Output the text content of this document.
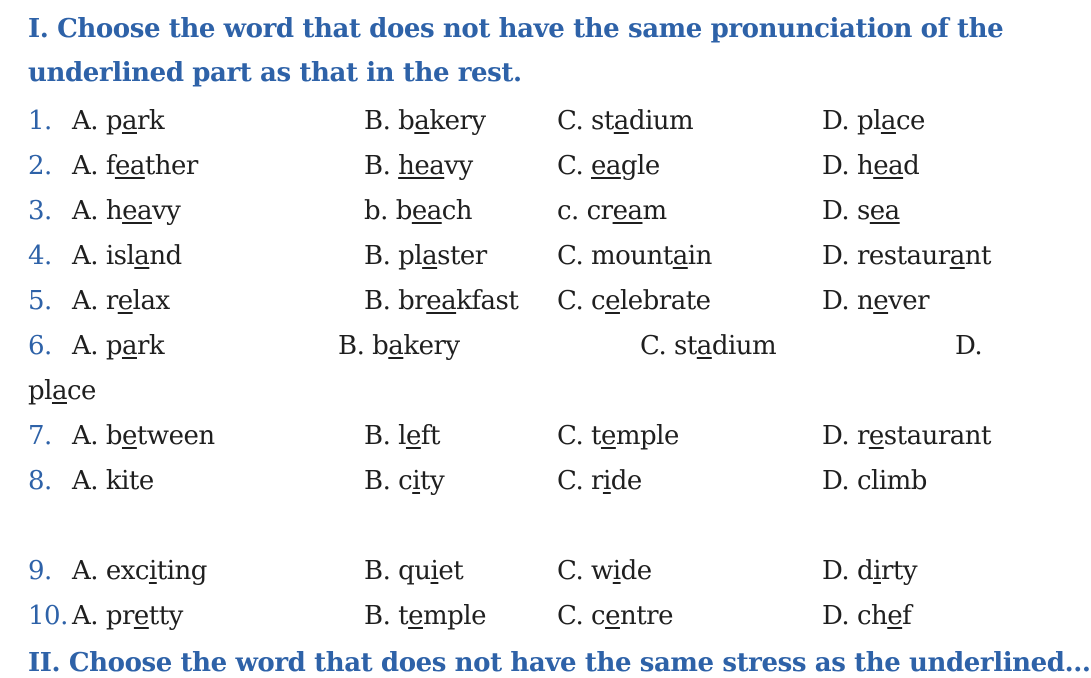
I. Choose the word that does not have the same pronunciation of the
underlined part as that in the rest.
1. A. park	B. bakery	C. stadium	D. place
2. A. feather	B. heavy	C. eagle	D. head
3. A. heavy	b. beach	c. cream	D. sea
4. A. island	B. plaster	C. mountain	D. restaurant
5. A. relax	B. breakfast C. celebrate	D. never
6. A. park	B. bakery	C. stadium	D.
place
7. A. between	B. left	C. temple	D. restaurant
8. A. kite	B. city	C. ride	D. climb
9. A. exciting	B. quiet	C. wide	D. dirty
10. A. pretty	B. temple	C. centre	D. chef
II. Choose the word that does not have the same stress as the underlined...
